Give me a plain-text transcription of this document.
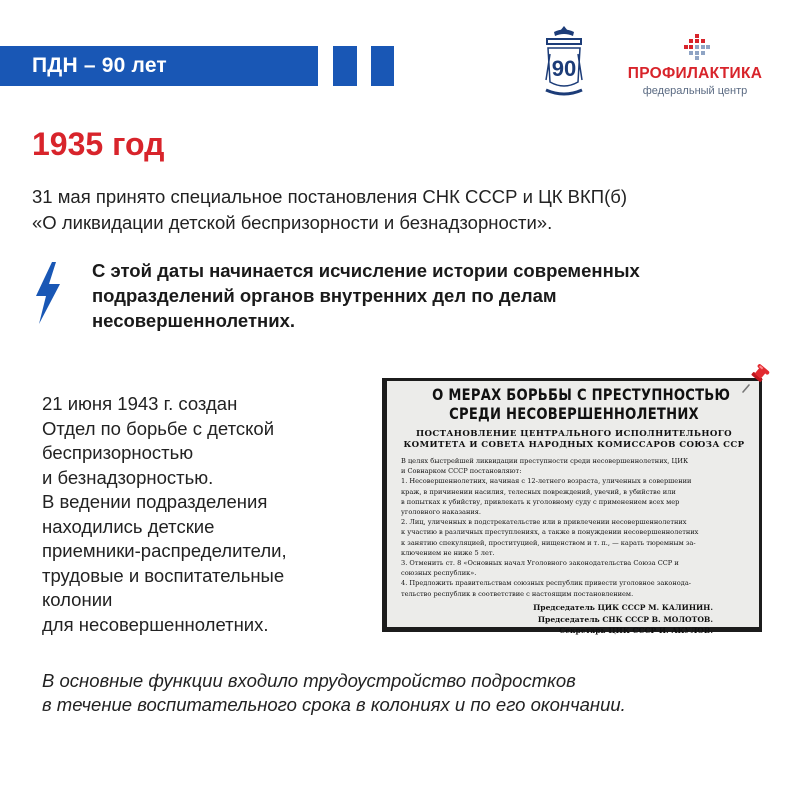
ПДН – 90 лет	90	ПРОФИЛАКТИКА
федеральный центр
1935 год
31 мая принято специальное постановления СНК СССР и ЦК ВКП(б)
«О ликвидации детской беспризорности и безнадзорности».
С этой даты начинается исчисление истории современных
подразделений органов внутренних дел по делам
несовершеннолетних.
21 июня 1943 г. создан
Отдел по борьбе с детской
беспризорностью
и безнадзорностью.
В ведении подразделения
находились детские
приемники-распределители,
трудовые и воспитательные
колонии
для несовершеннолетних.
О МЕРАХ БОРЬБЫ С ПРЕСТУПНОСТЬЮ
СРЕДИ НЕСОВЕРШЕННОЛЕТНИХ
ПОСТАНОВЛЕНИЕ ЦЕНТРАЛЬНОГО ИСПОЛНИТЕЛЬНОГО
КОМИТЕТА И СОВЕТА НАРОДНЫХ КОМИССАРОВ СОЮЗА ССР
В целях быстрейшей ликвидации преступности среди несовершеннолетних, ЦИК
и Совнарком СССР постановляют:
1. Несовершеннолетних, начиная с 12-летнего возраста, уличенных в совершении
краж, в причинении насилия, телесных повреждений, увечий, в убийстве или
в попытках к убийству, привлекать к уголовному суду с применением всех мер
уголовного наказания.
2. Лиц, уличенных в подстрекательстве или в привлечении несовершеннолетних
к участию в различных преступлениях, а также в понуждении несовершеннолетних
к занятию спекуляцией, проституцией, нищенством и т. п., — карать тюремным за-
ключением не ниже 5 лет.
3. Отменить ст. 8 «Основных начал Уголовного законодательства Союза ССР и
союзных республик».
4. Предложить правительствам союзных республик привести уголовное законода-
тельство республик в соответствие с настоящим постановлением.
Председатель ЦИК СССР М. КАЛИНИН.
Председатель СНК СССР В. МОЛОТОВ.
Секретарь ЦИК СССР И. АКУЛОВ.
В основные функции входило трудоустройство подростков
в течение воспитательного срока в колониях и по его окончании.
